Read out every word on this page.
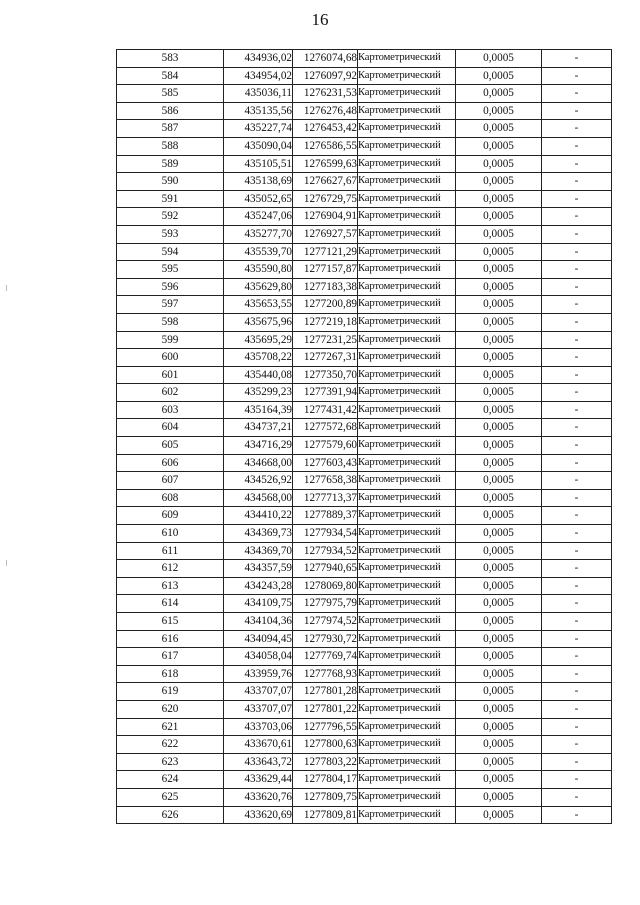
16
583	434936,02	1276074,68	Картометрический	0,0005	-
584	434954,02	1276097,92	Картометрический	0,0005	-
585	435036,11	1276231,53	Картометрический	0,0005	-
586	435135,56	1276276,48	Картометрический	0,0005	-
587	435227,74	1276453,42	Картометрический	0,0005	-
588	435090,04	1276586,55	Картометрический	0,0005	-
589	435105,51	1276599,63	Картометрический	0,0005	-
590	435138,69	1276627,67	Картометрический	0,0005	-
591	435052,65	1276729,75	Картометрический	0,0005	-
592	435247,06	1276904,91	Картометрический	0,0005	-
593	435277,70	1276927,57	Картометрический	0,0005	-
594	435539,70	1277121,29	Картометрический	0,0005	-
595	435590,80	1277157,87	Картометрический	0,0005	-
596	435629,80	1277183,38	Картометрический	0,0005	-
597	435653,55	1277200,89	Картометрический	0,0005	-
598	435675,96	1277219,18	Картометрический	0,0005	-
599	435695,29	1277231,25	Картометрический	0,0005	-
600	435708,22	1277267,31	Картометрический	0,0005	-
601	435440,08	1277350,70	Картометрический	0,0005	-
602	435299,23	1277391,94	Картометрический	0,0005	-
603	435164,39	1277431,42	Картометрический	0,0005	-
604	434737,21	1277572,68	Картометрический	0,0005	-
605	434716,29	1277579,60	Картометрический	0,0005	-
606	434668,00	1277603,43	Картометрический	0,0005	-
607	434526,92	1277658,38	Картометрический	0,0005	-
608	434568,00	1277713,37	Картометрический	0,0005	-
609	434410,22	1277889,37	Картометрический	0,0005	-
610	434369,73	1277934,54	Картометрический	0,0005	-
611	434369,70	1277934,52	Картометрический	0,0005	-
612	434357,59	1277940,65	Картометрический	0,0005	-
613	434243,28	1278069,80	Картометрический	0,0005	-
614	434109,75	1277975,79	Картометрический	0,0005	-
615	434104,36	1277974,52	Картометрический	0,0005	-
616	434094,45	1277930,72	Картометрический	0,0005	-
617	434058,04	1277769,74	Картометрический	0,0005	-
618	433959,76	1277768,93	Картометрический	0,0005	-
619	433707,07	1277801,28	Картометрический	0,0005	-
620	433707,07	1277801,22	Картометрический	0,0005	-
621	433703,06	1277796,55	Картометрический	0,0005	-
622	433670,61	1277800,63	Картометрический	0,0005	-
623	433643,72	1277803,22	Картометрический	0,0005	-
624	433629,44	1277804,17	Картометрический	0,0005	-
625	433620,76	1277809,75	Картометрический	0,0005	-
626	433620,69	1277809,81	Картометрический	0,0005	-
